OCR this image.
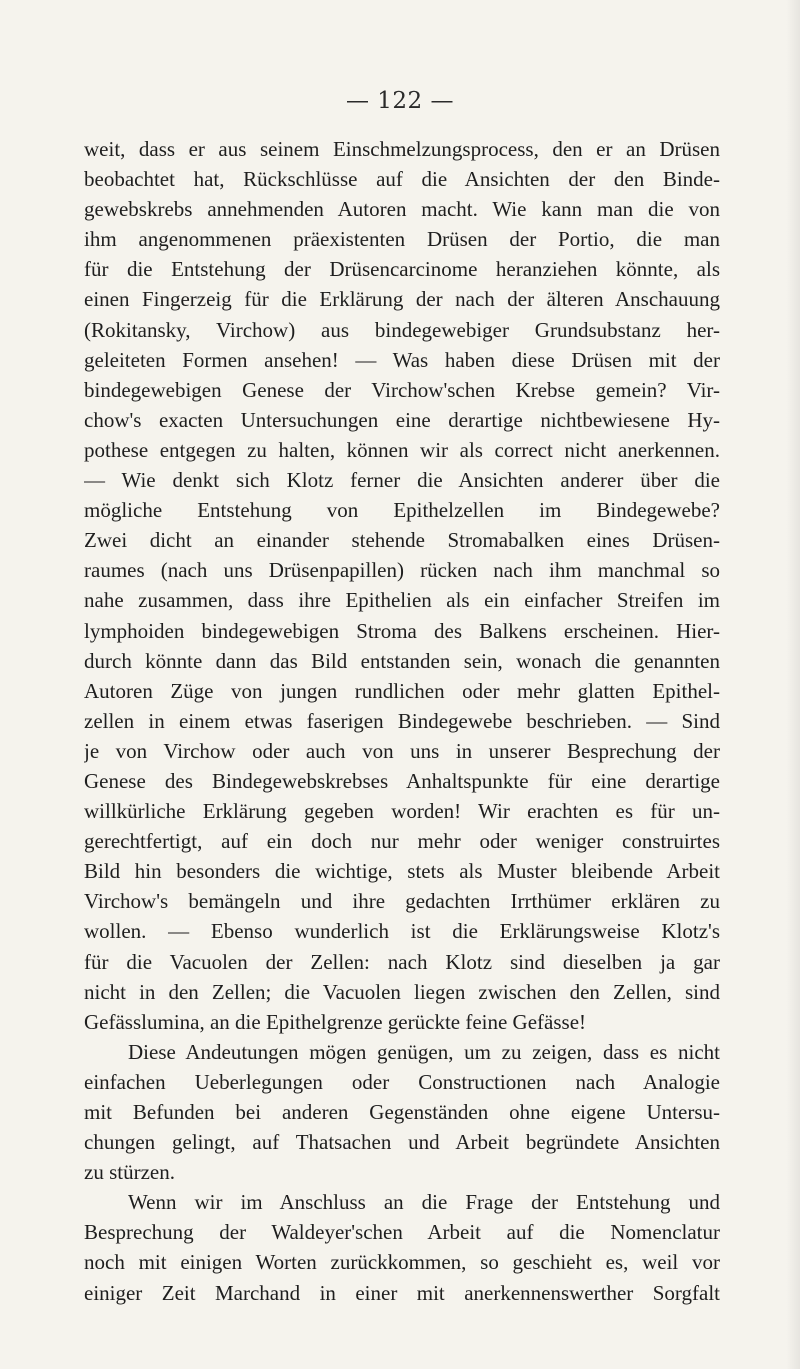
— 122 —
weit, dass er aus seinem Einschmelzungsprocess, den er an Drüsen
beobachtet hat, Rückschlüsse auf die Ansichten der den Binde-
gewebskrebs annehmenden Autoren macht. Wie kann man die von
ihm angenommenen präexistenten Drüsen der Portio, die man
für die Entstehung der Drüsencarcinome heranziehen könnte, als
einen Fingerzeig für die Erklärung der nach der älteren Anschauung
(Rokitansky, Virchow) aus bindegewebiger Grundsubstanz her-
geleiteten Formen ansehen! — Was haben diese Drüsen mit der
bindegewebigen Genese der Virchow'schen Krebse gemein? Vir-
chow's exacten Untersuchungen eine derartige nichtbewiesene Hy-
pothese entgegen zu halten, können wir als correct nicht anerkennen.
— Wie denkt sich Klotz ferner die Ansichten anderer über die
mögliche Entstehung von Epithelzellen im Bindegewebe?
Zwei dicht an einander stehende Stromabalken eines Drüsen-
raumes (nach uns Drüsenpapillen) rücken nach ihm manchmal so
nahe zusammen, dass ihre Epithelien als ein einfacher Streifen im
lymphoiden bindegewebigen Stroma des Balkens erscheinen. Hier-
durch könnte dann das Bild entstanden sein, wonach die genannten
Autoren Züge von jungen rundlichen oder mehr glatten Epithel-
zellen in einem etwas faserigen Bindegewebe beschrieben. — Sind
je von Virchow oder auch von uns in unserer Besprechung der
Genese des Bindegewebskrebses Anhaltspunkte für eine derartige
willkürliche Erklärung gegeben worden! Wir erachten es für un-
gerechtfertigt, auf ein doch nur mehr oder weniger construirtes
Bild hin besonders die wichtige, stets als Muster bleibende Arbeit
Virchow's bemängeln und ihre gedachten Irrthümer erklären zu
wollen. — Ebenso wunderlich ist die Erklärungsweise Klotz's
für die Vacuolen der Zellen: nach Klotz sind dieselben ja gar
nicht in den Zellen; die Vacuolen liegen zwischen den Zellen, sind
Gefässlumina, an die Epithelgrenze gerückte feine Gefässe!
Diese Andeutungen mögen genügen, um zu zeigen, dass es nicht
einfachen Ueberlegungen oder Constructionen nach Analogie
mit Befunden bei anderen Gegenständen ohne eigene Untersu-
chungen gelingt, auf Thatsachen und Arbeit begründete Ansichten
zu stürzen.
Wenn wir im Anschluss an die Frage der Entstehung und
Besprechung der Waldeyer'schen Arbeit auf die Nomenclatur
noch mit einigen Worten zurückkommen, so geschieht es, weil vor
einiger Zeit Marchand in einer mit anerkennenswerther Sorgfalt
